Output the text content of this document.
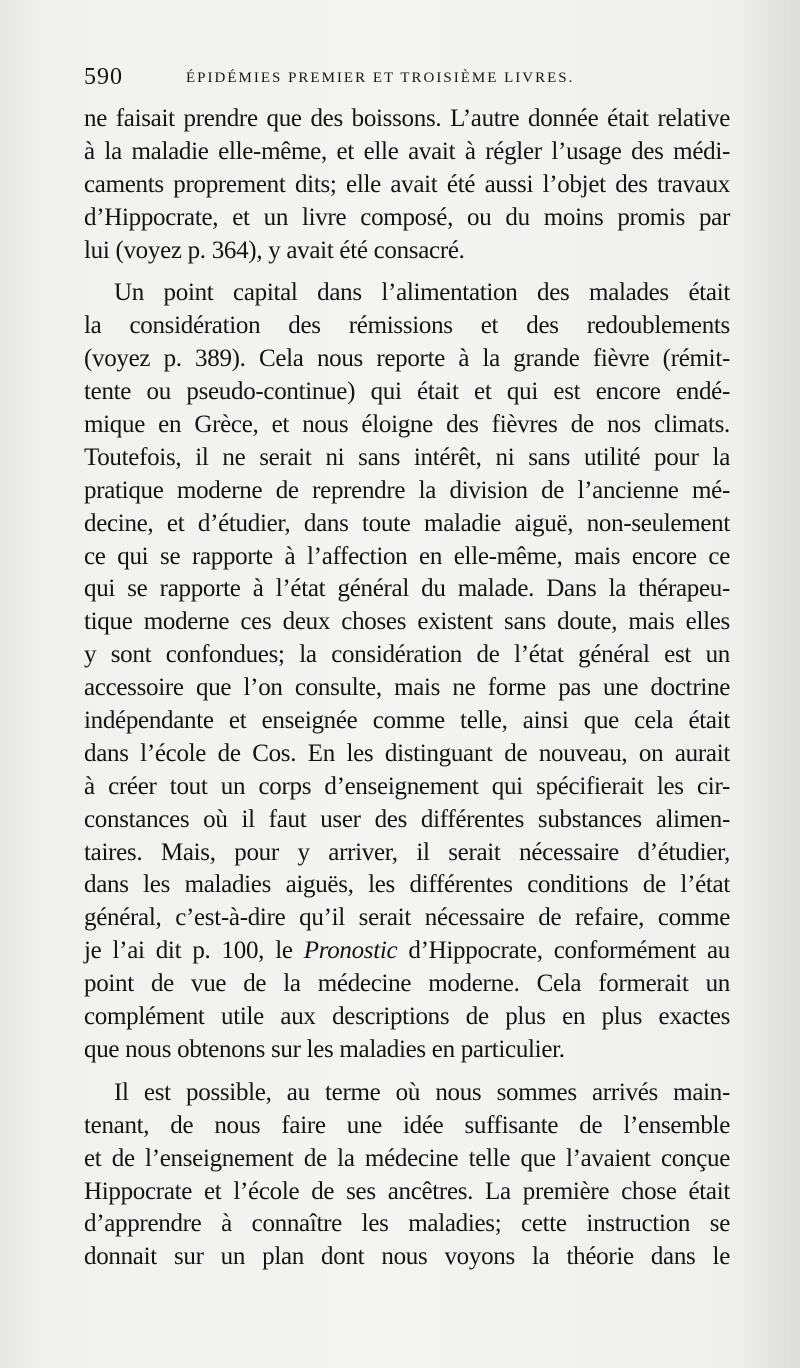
590	ÉPIDÉMIES PREMIER ET TROISIÈME LIVRES.
ne faisait prendre que des boissons. L’autre donnée était relative
à la maladie elle-même, et elle avait à régler l’usage des médi-
caments proprement dits; elle avait été aussi l’objet des travaux
d’Hippocrate, et un livre composé, ou du moins promis par
lui (voyez p. 364), y avait été consacré.
Un point capital dans l’alimentation des malades était
la considération des rémissions et des redoublements
(voyez p. 389). Cela nous reporte à la grande fièvre (rémit-
tente ou pseudo-continue) qui était et qui est encore endé-
mique en Grèce, et nous éloigne des fièvres de nos climats.
Toutefois, il ne serait ni sans intérêt, ni sans utilité pour la
pratique moderne de reprendre la division de l’ancienne mé-
decine, et d’étudier, dans toute maladie aiguë, non-seulement
ce qui se rapporte à l’affection en elle-même, mais encore ce
qui se rapporte à l’état général du malade. Dans la thérapeu-
tique moderne ces deux choses existent sans doute, mais elles
y sont confondues; la considération de l’état général est un
accessoire que l’on consulte, mais ne forme pas une doctrine
indépendante et enseignée comme telle, ainsi que cela était
dans l’école de Cos. En les distinguant de nouveau, on aurait
à créer tout un corps d’enseignement qui spécifierait les cir-
constances où il faut user des différentes substances alimen-
taires. Mais, pour y arriver, il serait nécessaire d’étudier,
dans les maladies aiguës, les différentes conditions de l’état
général, c’est-à-dire qu’il serait nécessaire de refaire, comme
je l’ai dit p. 100, le Pronostic d’Hippocrate, conformément au
point de vue de la médecine moderne. Cela formerait un
complément utile aux descriptions de plus en plus exactes
que nous obtenons sur les maladies en particulier.
Il est possible, au terme où nous sommes arrivés main-
tenant, de nous faire une idée suffisante de l’ensemble
et de l’enseignement de la médecine telle que l’avaient conçue
Hippocrate et l’école de ses ancêtres. La première chose était
d’apprendre à connaître les maladies; cette instruction se
donnait sur un plan dont nous voyons la théorie dans le
